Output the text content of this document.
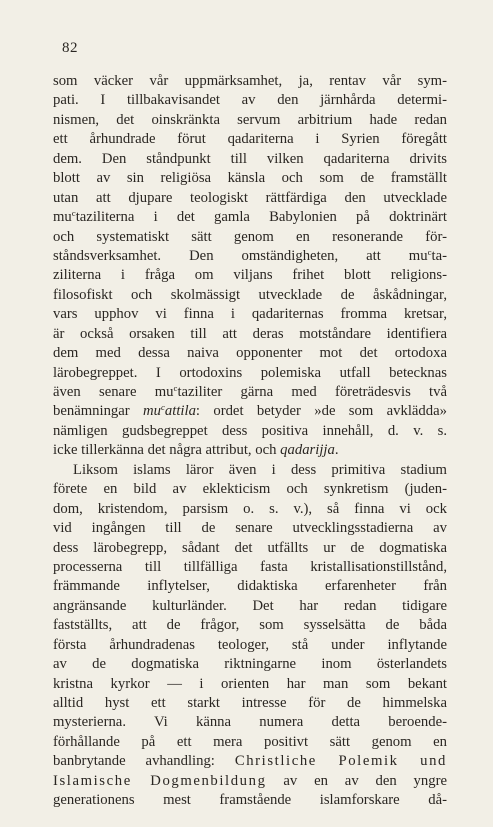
82
som väcker vår uppmärksamhet, ja, rentav vår sym-
pati. I tillbakavisandet av den järnhårda determi-
nismen, det oinskränkta servum arbitrium hade redan
ett århundrade förut qadariterna i Syrien föregått
dem. Den ståndpunkt till vilken qadariterna drivits
blott av sin religiösa känsla och som de framställt
utan att djupare teologiskt rättfärdiga den utvecklade
$mu^ctaziliterna$ i det gamla Babylonien på doktrinärt
och systematiskt sätt genom en resonerande för-
ståndsverksamhet. Den omständigheten, att $mu^cta-$
ziliterna i fråga om viljans frihet blott religions-
filosofiskt och skolmässigt utvecklade de åskådningar,
vars upphov vi finna i qadariternas fromma kretsar,
är också orsaken till att deras motståndare identifiera
dem med dessa naiva opponenter mot det ortodoxa
lärobegreppet. I ortodoxins polemiska utfall betecknas
även senare $mu^ctaziliter$ gärna med företrädesvis två
benämningar $mu^cattila$: ordet betyder »de som avklädda»
nämligen gudsbegreppet dess positiva innehåll, d. v. s.
icke tillerkänna det några attribut, och qadarijja.
Liksom islams läror även i dess primitiva stadium
förete en bild av eklekticism och synkretism (juden-
dom, kristendom, parsism o. s. v.), så finna vi ock
vid ingången till de senare utvecklingsstadierna av
dess lärobegrepp, sådant det utfällts ur de dogmatiska
processerna till tillfälliga fasta kristallisationstillstånd,
främmande inflytelser, didaktiska erfarenheter från
angränsande kulturländer. Det har redan tidigare
fastställts, att de frågor, som sysselsätta de båda
första århundradenas teologer, stå under inflytande
av de dogmatiska riktningarne inom österlandets
kristna kyrkor — i orienten har man som bekant
alltid hyst ett starkt intresse för de himmelska
mysterierna. Vi känna numera detta beroende-
förhållande på ett mera positivt sätt genom en
banbrytande avhandling: Christliche Polemik und
Islamische Dogmenbildung av en av den yngre
generationens mest framstående islamforskare då-
